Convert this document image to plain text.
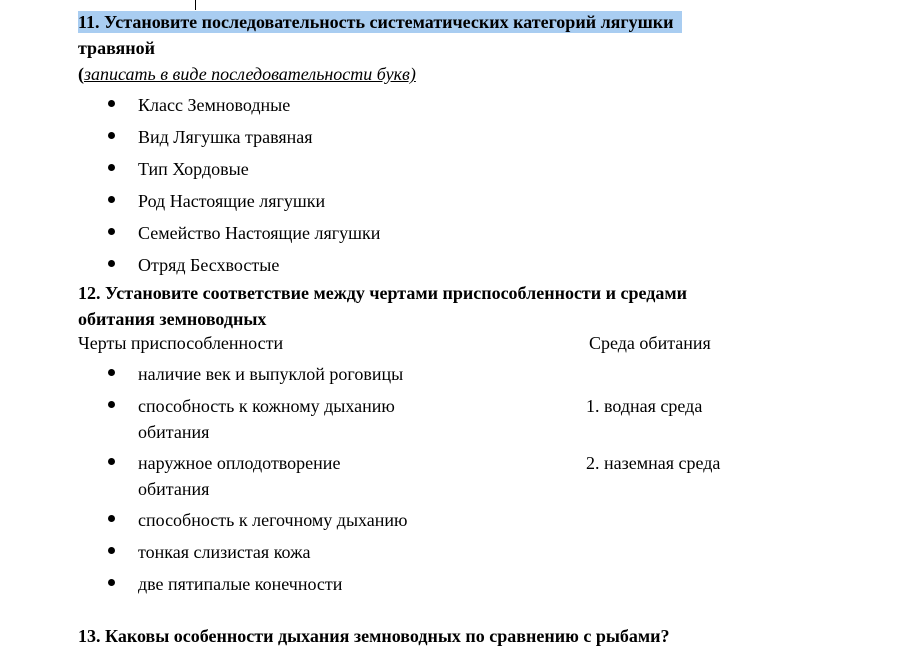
11. Установите последовательность систематических категорий лягушки
травяной
(записать в виде последовательности букв)
Класс Земноводные
Вид Лягушка травяная
Тип Хордовые
Род Настоящие лягушки
Семейство Настоящие лягушки
Отряд Бесхвостые
12. Установите соответствие между чертами приспособленности и средами
обитания земноводных
Черты приспособленности	Среда обитания
наличие век и выпуклой роговицы
способность к кожному дыханию
обитания
1. водная среда
наружное оплодотворение
обитания
2. наземная среда
способность к легочному дыханию
тонкая слизистая кожа
две пятипалые конечности
13. Каковы особенности дыхания земноводных по сравнению с рыбами?
